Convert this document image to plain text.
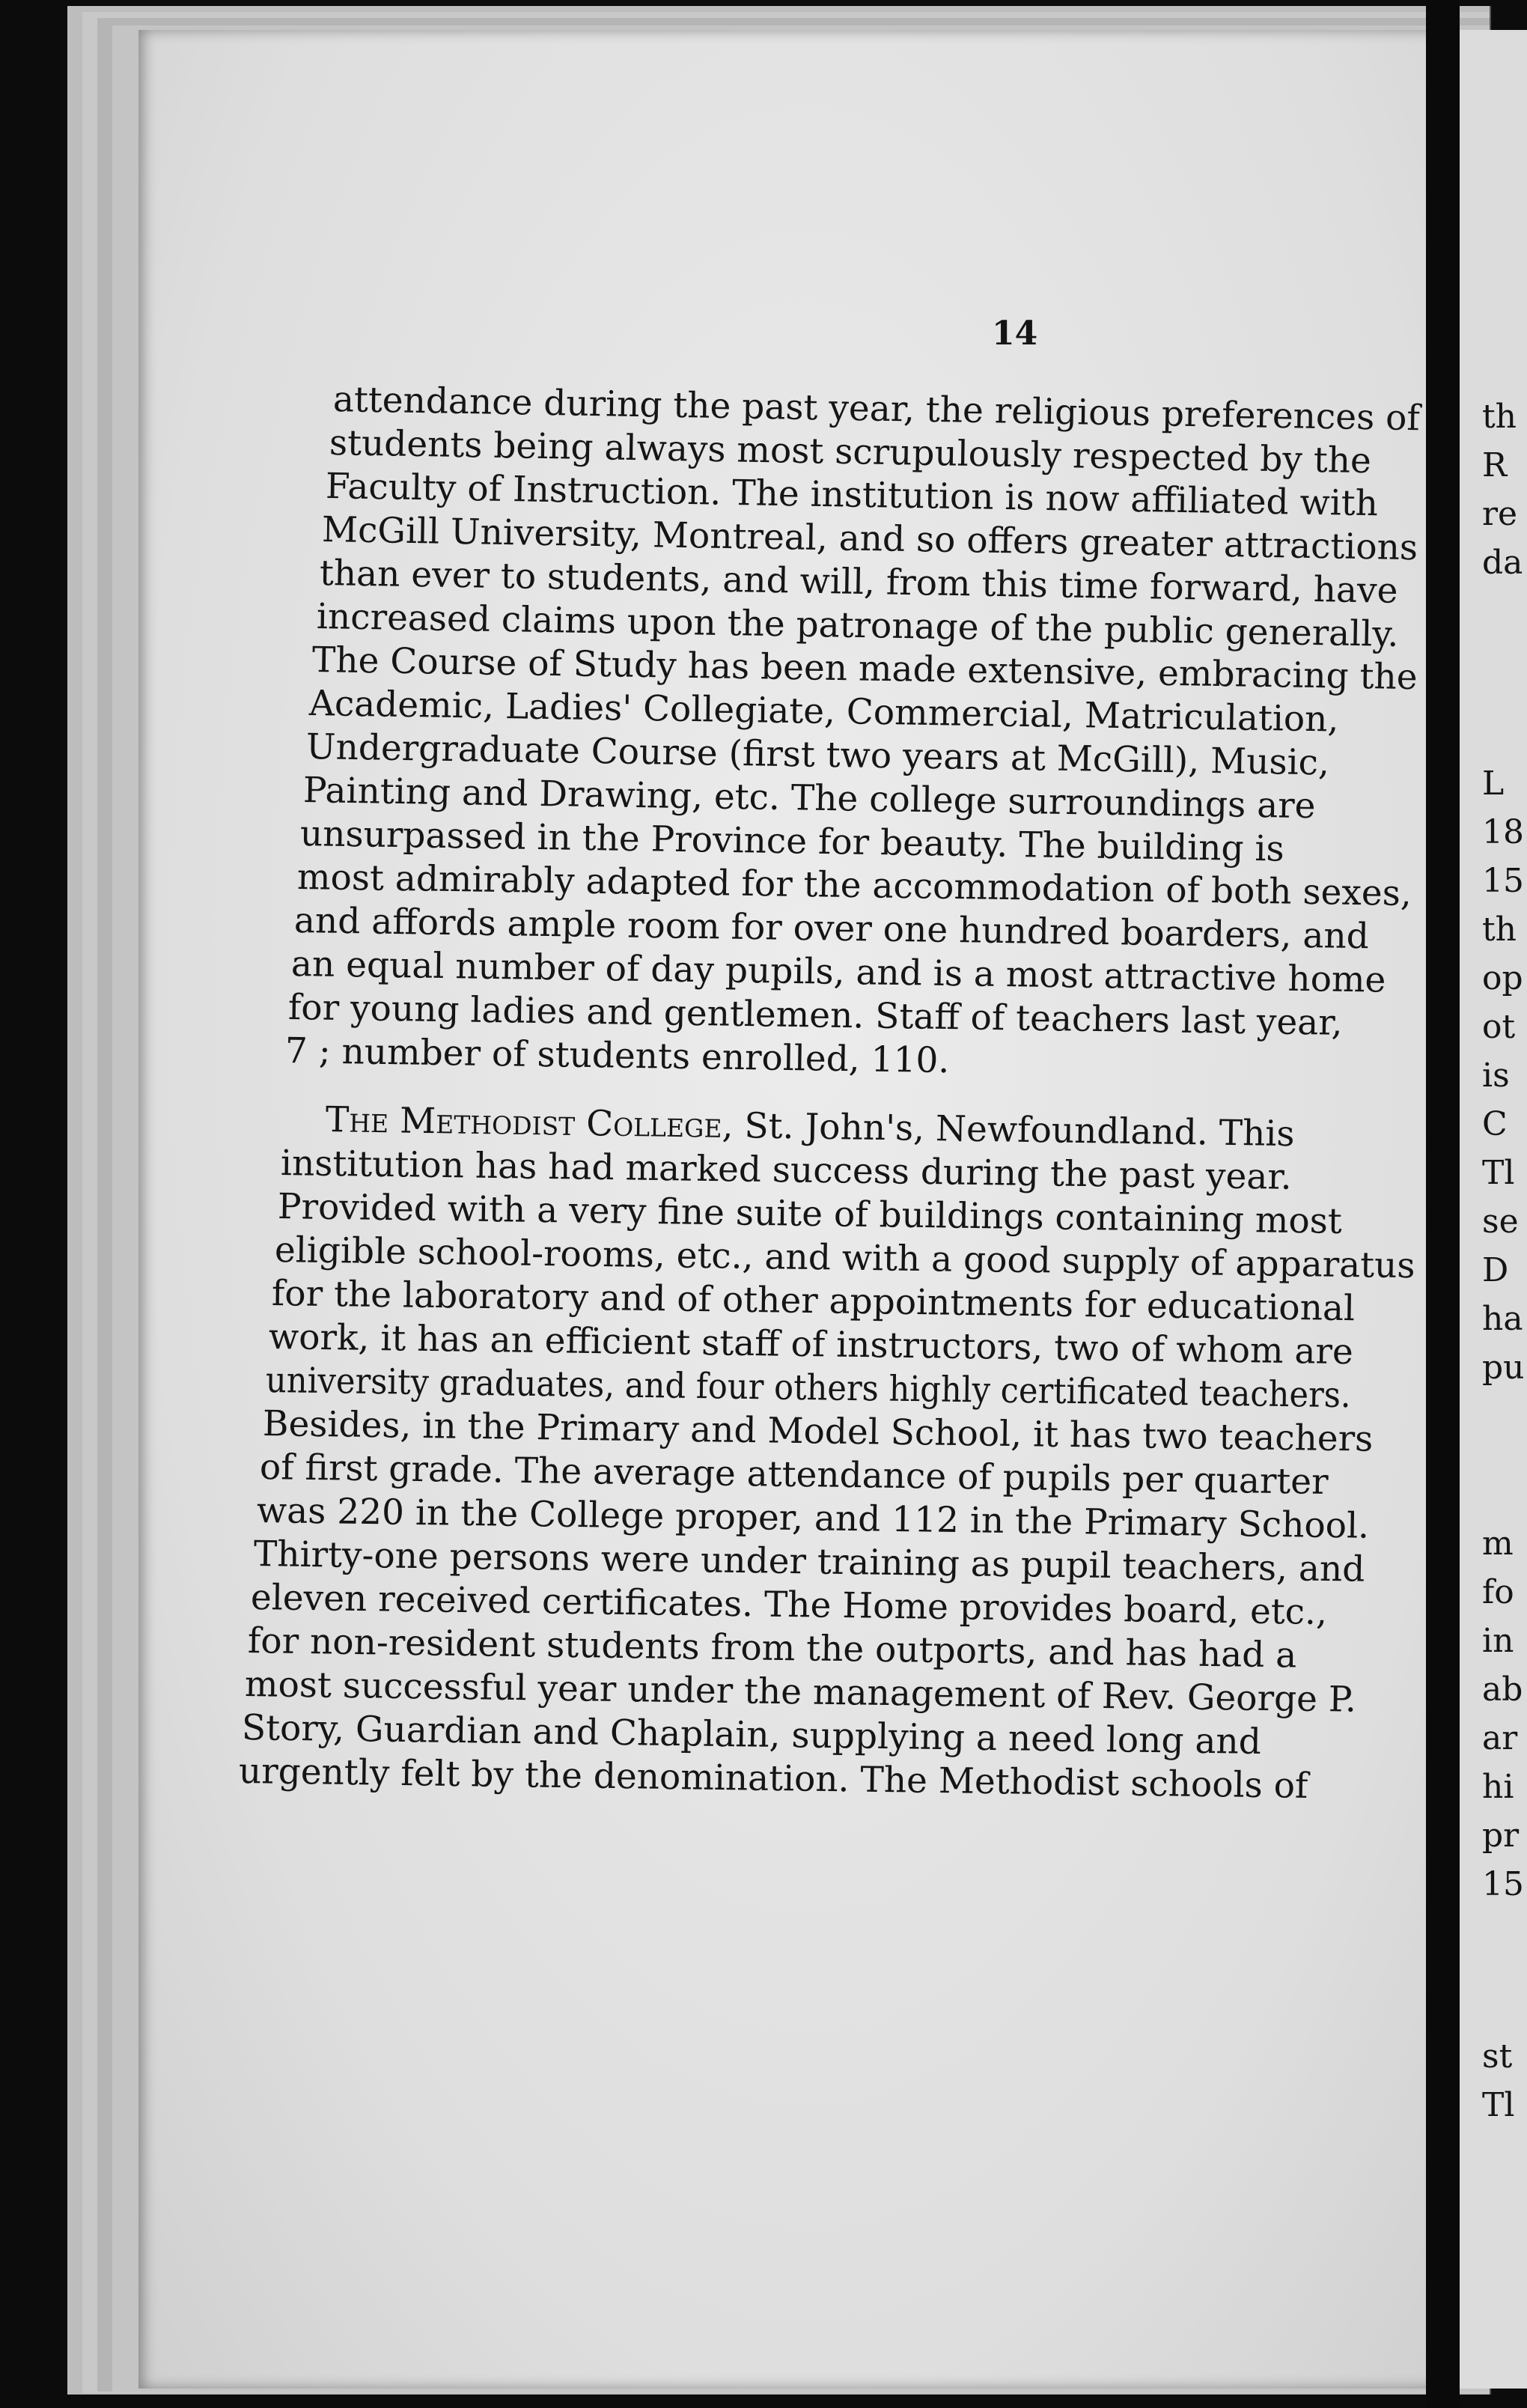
14
attendance during the past year, the religious preferences of
students being always most scrupulously respected by the
Faculty of Instruction. The institution is now affiliated with
McGill University, Montreal, and so offers greater attractions
than ever to students, and will, from this time forward, have
increased claims upon the patronage of the public generally.
The Course of Study has been made extensive, embracing the
Academic, Ladies' Collegiate, Commercial, Matriculation,
Undergraduate Course (first two years at McGill), Music,
Painting and Drawing, etc. The college surroundings are
unsurpassed in the Province for beauty. The building is
most admirably adapted for the accommodation of both sexes,
and affords ample room for over one hundred boarders, and
an equal number of day pupils, and is a most attractive home
for young ladies and gentlemen. Staff of teachers last year,
7 ; number of students enrolled, 110.
The Methodist College, St. John's, Newfoundland. This
institution has had marked success during the past year.
Provided with a very fine suite of buildings containing most
eligible school-rooms, etc., and with a good supply of apparatus
for the laboratory and of other appointments for educational
work, it has an efficient staff of instructors, two of whom are
university graduates, and four others highly certificated teachers.
Besides, in the Primary and Model School, it has two teachers
of first grade. The average attendance of pupils per quarter
was 220 in the College proper, and 112 in the Primary School.
Thirty-one persons were under training as pupil teachers, and
eleven received certificates. The Home provides board, etc.,
for non-resident students from the outports, and has had a
most successful year under the management of Rev. George P.
Story, Guardian and Chaplain, supplying a need long and
urgently felt by the denomination. The Methodist schools of
th
R
re
da
L
18
15
th
op
ot
is
C
Tl
se
D
ha
pu
m
fo
in
ab
ar
hi
pr
15
st
Tl
